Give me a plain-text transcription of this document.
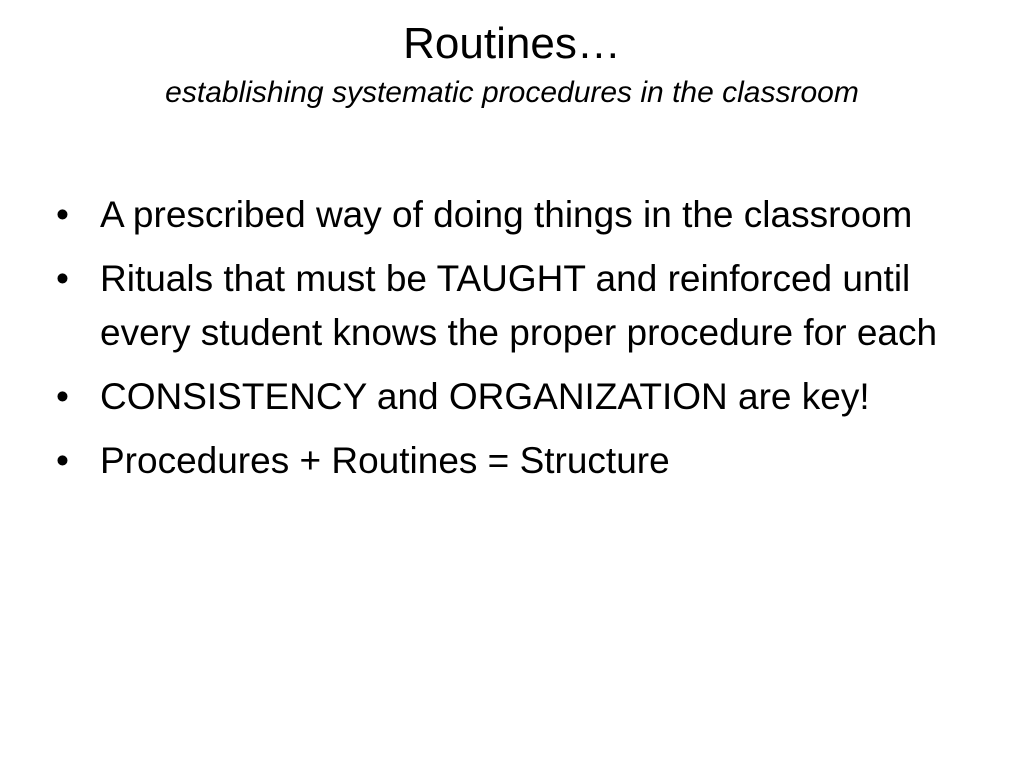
Routines…
establishing systematic procedures in the classroom
• A prescribed way of doing things in the classroom
• Rituals that must be TAUGHT and reinforced until every student knows the proper procedure for each
• CONSISTENCY and ORGANIZATION are key!
• Procedures + Routines = Structure
